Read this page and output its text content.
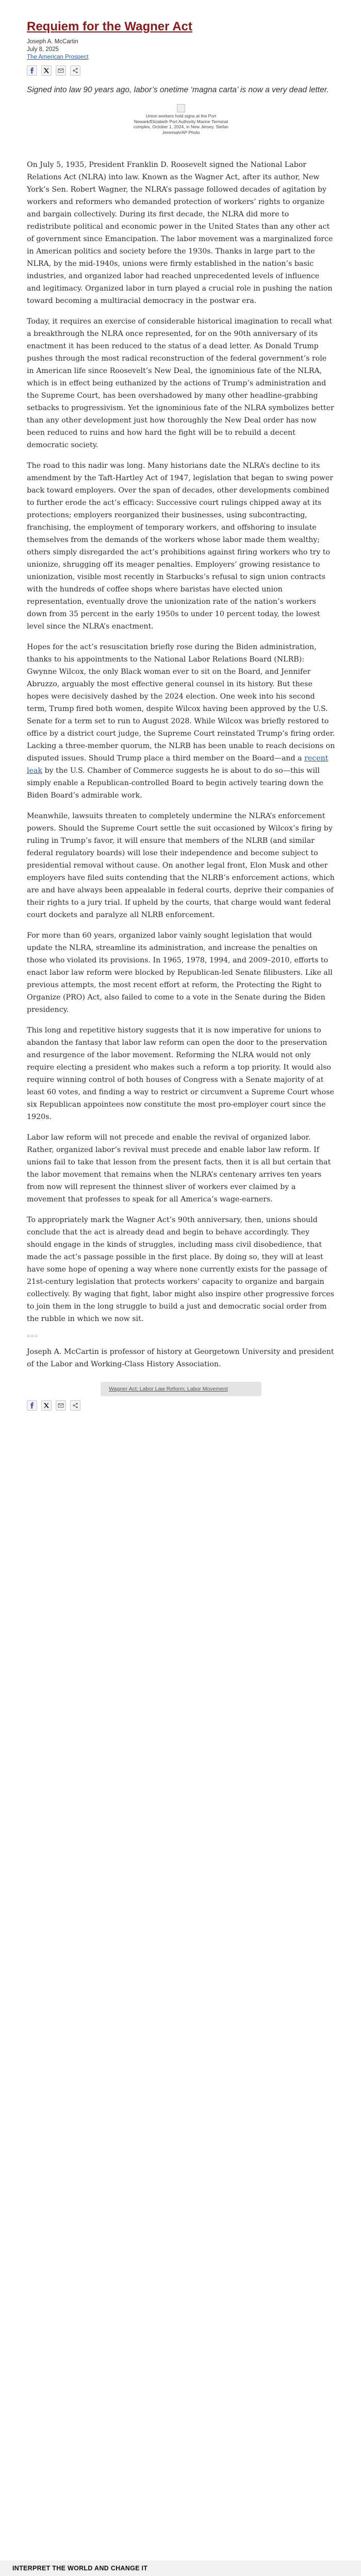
Requiem for the Wagner Act
Joseph A. McCartin
July 8, 2025
The American Prospect
Signed into law 90 years ago, labor’s onetime ‘magna carta’ is now a very dead letter.
Union workers hold signs at the Port Newark/Elizabeth Port Authority Marine Terminal complex, October 1, 2024, in New Jersey. Stefan Jeremiah/AP Photo

On July 5, 1935, President Franklin D. Roosevelt signed the National Labor Relations Act (NLRA) into law. Known as the Wagner Act, after its author, New York’s Sen. Robert Wagner, the NLRA’s passage followed decades of agitation by workers and reformers who demanded protection of workers’ rights to organize and bargain collectively. During its first decade, the NLRA did more to redistribute political and economic power in the United States than any other act of government since Emancipation. The labor movement was a marginalized force in American politics and society before the 1930s. Thanks in large part to the NLRA, by the mid-1940s, unions were firmly established in the nation’s basic industries, and organized labor had reached unprecedented levels of influence and legitimacy. Organized labor in turn played a crucial role in pushing the nation toward becoming a multiracial democracy in the postwar era.

Today, it requires an exercise of considerable historical imagination to recall what a breakthrough the NLRA once represented, for on the 90th anniversary of its enactment it has been reduced to the status of a dead letter. As Donald Trump pushes through the most radical reconstruction of the federal government’s role in American life since Roosevelt’s New Deal, the ignominious fate of the NLRA, which is in effect being euthanized by the actions of Trump’s administration and the Supreme Court, has been overshadowed by many other headline-grabbing setbacks to progressivism. Yet the ignominious fate of the NLRA symbolizes better than any other development just how thoroughly the New Deal order has now been reduced to ruins and how hard the fight will be to rebuild a decent democratic society.

The road to this nadir was long. Many historians date the NLRA’s decline to its amendment by the Taft-Hartley Act of 1947, legislation that began to swing power back toward employers. Over the span of decades, other developments combined to further erode the act’s efficacy: Successive court rulings chipped away at its protections; employers reorganized their businesses, using subcontracting, franchising, the employment of temporary workers, and offshoring to insulate themselves from the demands of the workers whose labor made them wealthy; others simply disregarded the act’s prohibitions against firing workers who try to unionize, shrugging off its meager penalties. Employers’ growing resistance to unionization, visible most recently in Starbucks’s refusal to sign union contracts with the hundreds of coffee shops where baristas have elected union representation, eventually drove the unionization rate of the nation’s workers down from 35 percent in the early 1950s to under 10 percent today, the lowest level since the NLRA’s enactment.

Hopes for the act’s resuscitation briefly rose during the Biden administration, thanks to his appointments to the National Labor Relations Board (NLRB): Gwynne Wilcox, the only Black woman ever to sit on the Board, and Jennifer Abruzzo, arguably the most effective general counsel in its history. But these hopes were decisively dashed by the 2024 election. One week into his second term, Trump fired both women, despite Wilcox having been approved by the U.S. Senate for a term set to run to August 2028. While Wilcox was briefly restored to office by a district court judge, the Supreme Court reinstated Trump’s firing order. Lacking a three-member quorum, the NLRB has been unable to reach decisions on disputed issues. Should Trump place a third member on the Board—and a recent leak by the U.S. Chamber of Commerce suggests he is about to do so—this will simply enable a Republican-controlled Board to begin actively tearing down the Biden Board’s admirable work.

Meanwhile, lawsuits threaten to completely undermine the NLRA’s enforcement powers. Should the Supreme Court settle the suit occasioned by Wilcox’s firing by ruling in Trump’s favor, it will ensure that members of the NLRB (and similar federal regulatory boards) will lose their independence and become subject to presidential removal without cause. On another legal front, Elon Musk and other employers have filed suits contending that the NLRB’s enforcement actions, which are and have always been appealable in federal courts, deprive their companies of their rights to a jury trial. If upheld by the courts, that charge would want federal court dockets and paralyze all NLRB enforcement.

For more than 60 years, organized labor vainly sought legislation that would update the NLRA, streamline its administration, and increase the penalties on those who violated its provisions. In 1965, 1978, 1994, and 2009–2010, efforts to enact labor law reform were blocked by Republican-led Senate filibusters. Like all previous attempts, the most recent effort at reform, the Protecting the Right to Organize (PRO) Act, also failed to come to a vote in the Senate during the Biden presidency.

This long and repetitive history suggests that it is now imperative for unions to abandon the fantasy that labor law reform can open the door to the preservation and resurgence of the labor movement. Reforming the NLRA would not only require electing a president who makes such a reform a top priority. It would also require winning control of both houses of Congress with a Senate majority of at least 60 votes, and finding a way to restrict or circumvent a Supreme Court whose six Republican appointees now constitute the most pro-employer court since the 1920s.

Labor law reform will not precede and enable the revival of organized labor. Rather, organized labor’s revival must precede and enable labor law reform. If unions fail to take that lesson from the present facts, then it is all but certain that the labor movement that remains when the NLRA’s centenary arrives ten years from now will represent the thinnest sliver of workers ever claimed by a movement that professes to speak for all America’s wage-earners.

To appropriately mark the Wagner Act’s 90th anniversary, then, unions should conclude that the act is already dead and begin to behave accordingly. They should engage in the kinds of struggles, including mass civil disobedience, that made the act’s passage possible in the first place. By doing so, they will at least have some hope of opening a way where none currently exists for the passage of 21st-century legislation that protects workers’ capacity to organize and bargain collectively. By waging that fight, labor might also inspire other progressive forces to join them in the long struggle to build a just and democratic social order from the rubble in which we now sit.

===

Joseph A. McCartin is professor of history at Georgetown University and president of the Labor and Working-Class History Association.

Wagner Act; Labor Law Reform; Labor Movement
INTERPRET THE WORLD AND CHANGE IT
